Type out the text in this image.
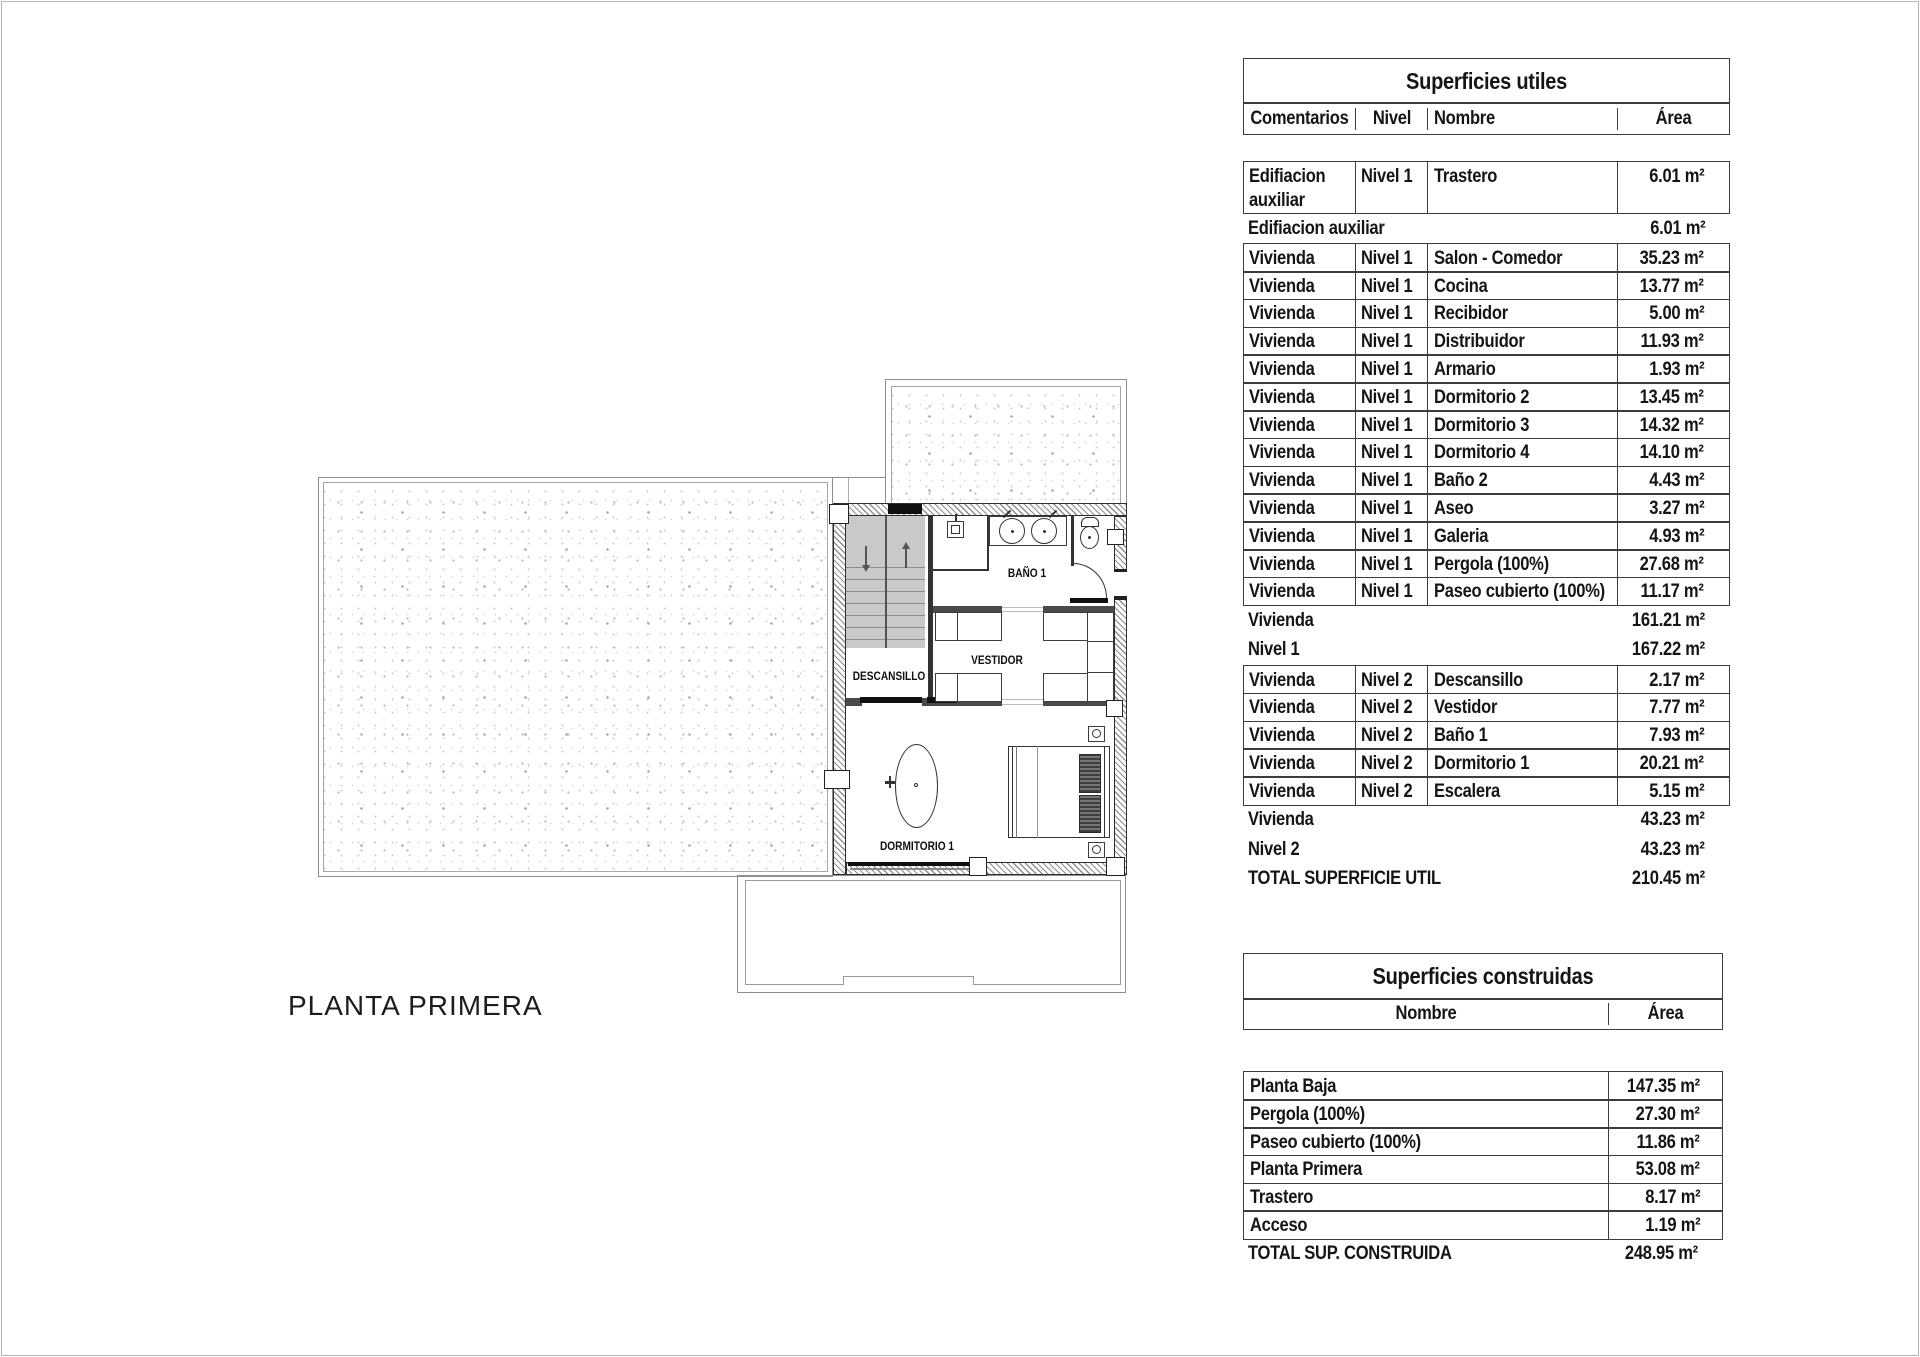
BAÑO 1
VESTIDOR
DESCANSILLO
DORMITORIO 1
PLANTA PRIMERA
Superficies utiles
Comentarios Nivel Nombre	Área
Edifiacion auxiliar
Nivel 1 Trastero	6.01 m²
Edifiacion auxiliar	6.01 m²
Vivienda Nivel 1 Salon - Comedor	35.23 m²
Vivienda Nivel 1 Cocina	13.77 m²
Vivienda Nivel 1 Recibidor	5.00 m²
Vivienda Nivel 1 Distribuidor	11.93 m²
Vivienda Nivel 1 Armario	1.93 m²
Vivienda Nivel 1 Dormitorio 2	13.45 m²
Vivienda Nivel 1 Dormitorio 3	14.32 m²
Vivienda Nivel 1 Dormitorio 4	14.10 m²
Vivienda Nivel 1 Baño 2	4.43 m²
Vivienda Nivel 1 Aseo	3.27 m²
Vivienda Nivel 1 Galeria	4.93 m²
Vivienda Nivel 1 Pergola (100%)	27.68 m²
Vivienda Nivel 1 Paseo cubierto (100%) 11.17 m²
Vivienda	161.21 m²
Nivel 1	167.22 m²
Vivienda Nivel 2 Descansillo	2.17 m²
Vivienda Nivel 2 Vestidor	7.77 m²
Vivienda Nivel 2 Baño 1	7.93 m²
Vivienda Nivel 2 Dormitorio 1	20.21 m²
Vivienda Nivel 2 Escalera	5.15 m²
Vivienda	43.23 m²
Nivel 2	43.23 m²
TOTAL SUPERFICIE UTIL	210.45 m²
Superficies construidas
Nombre	Área
Planta Baja	147.35 m²
Pergola (100%)	27.30 m²
Paseo cubierto (100%)	11.86 m²
Planta Primera	53.08 m²
Trastero	8.17 m²
Acceso	1.19 m²
TOTAL SUP. CONSTRUIDA	248.95 m²
